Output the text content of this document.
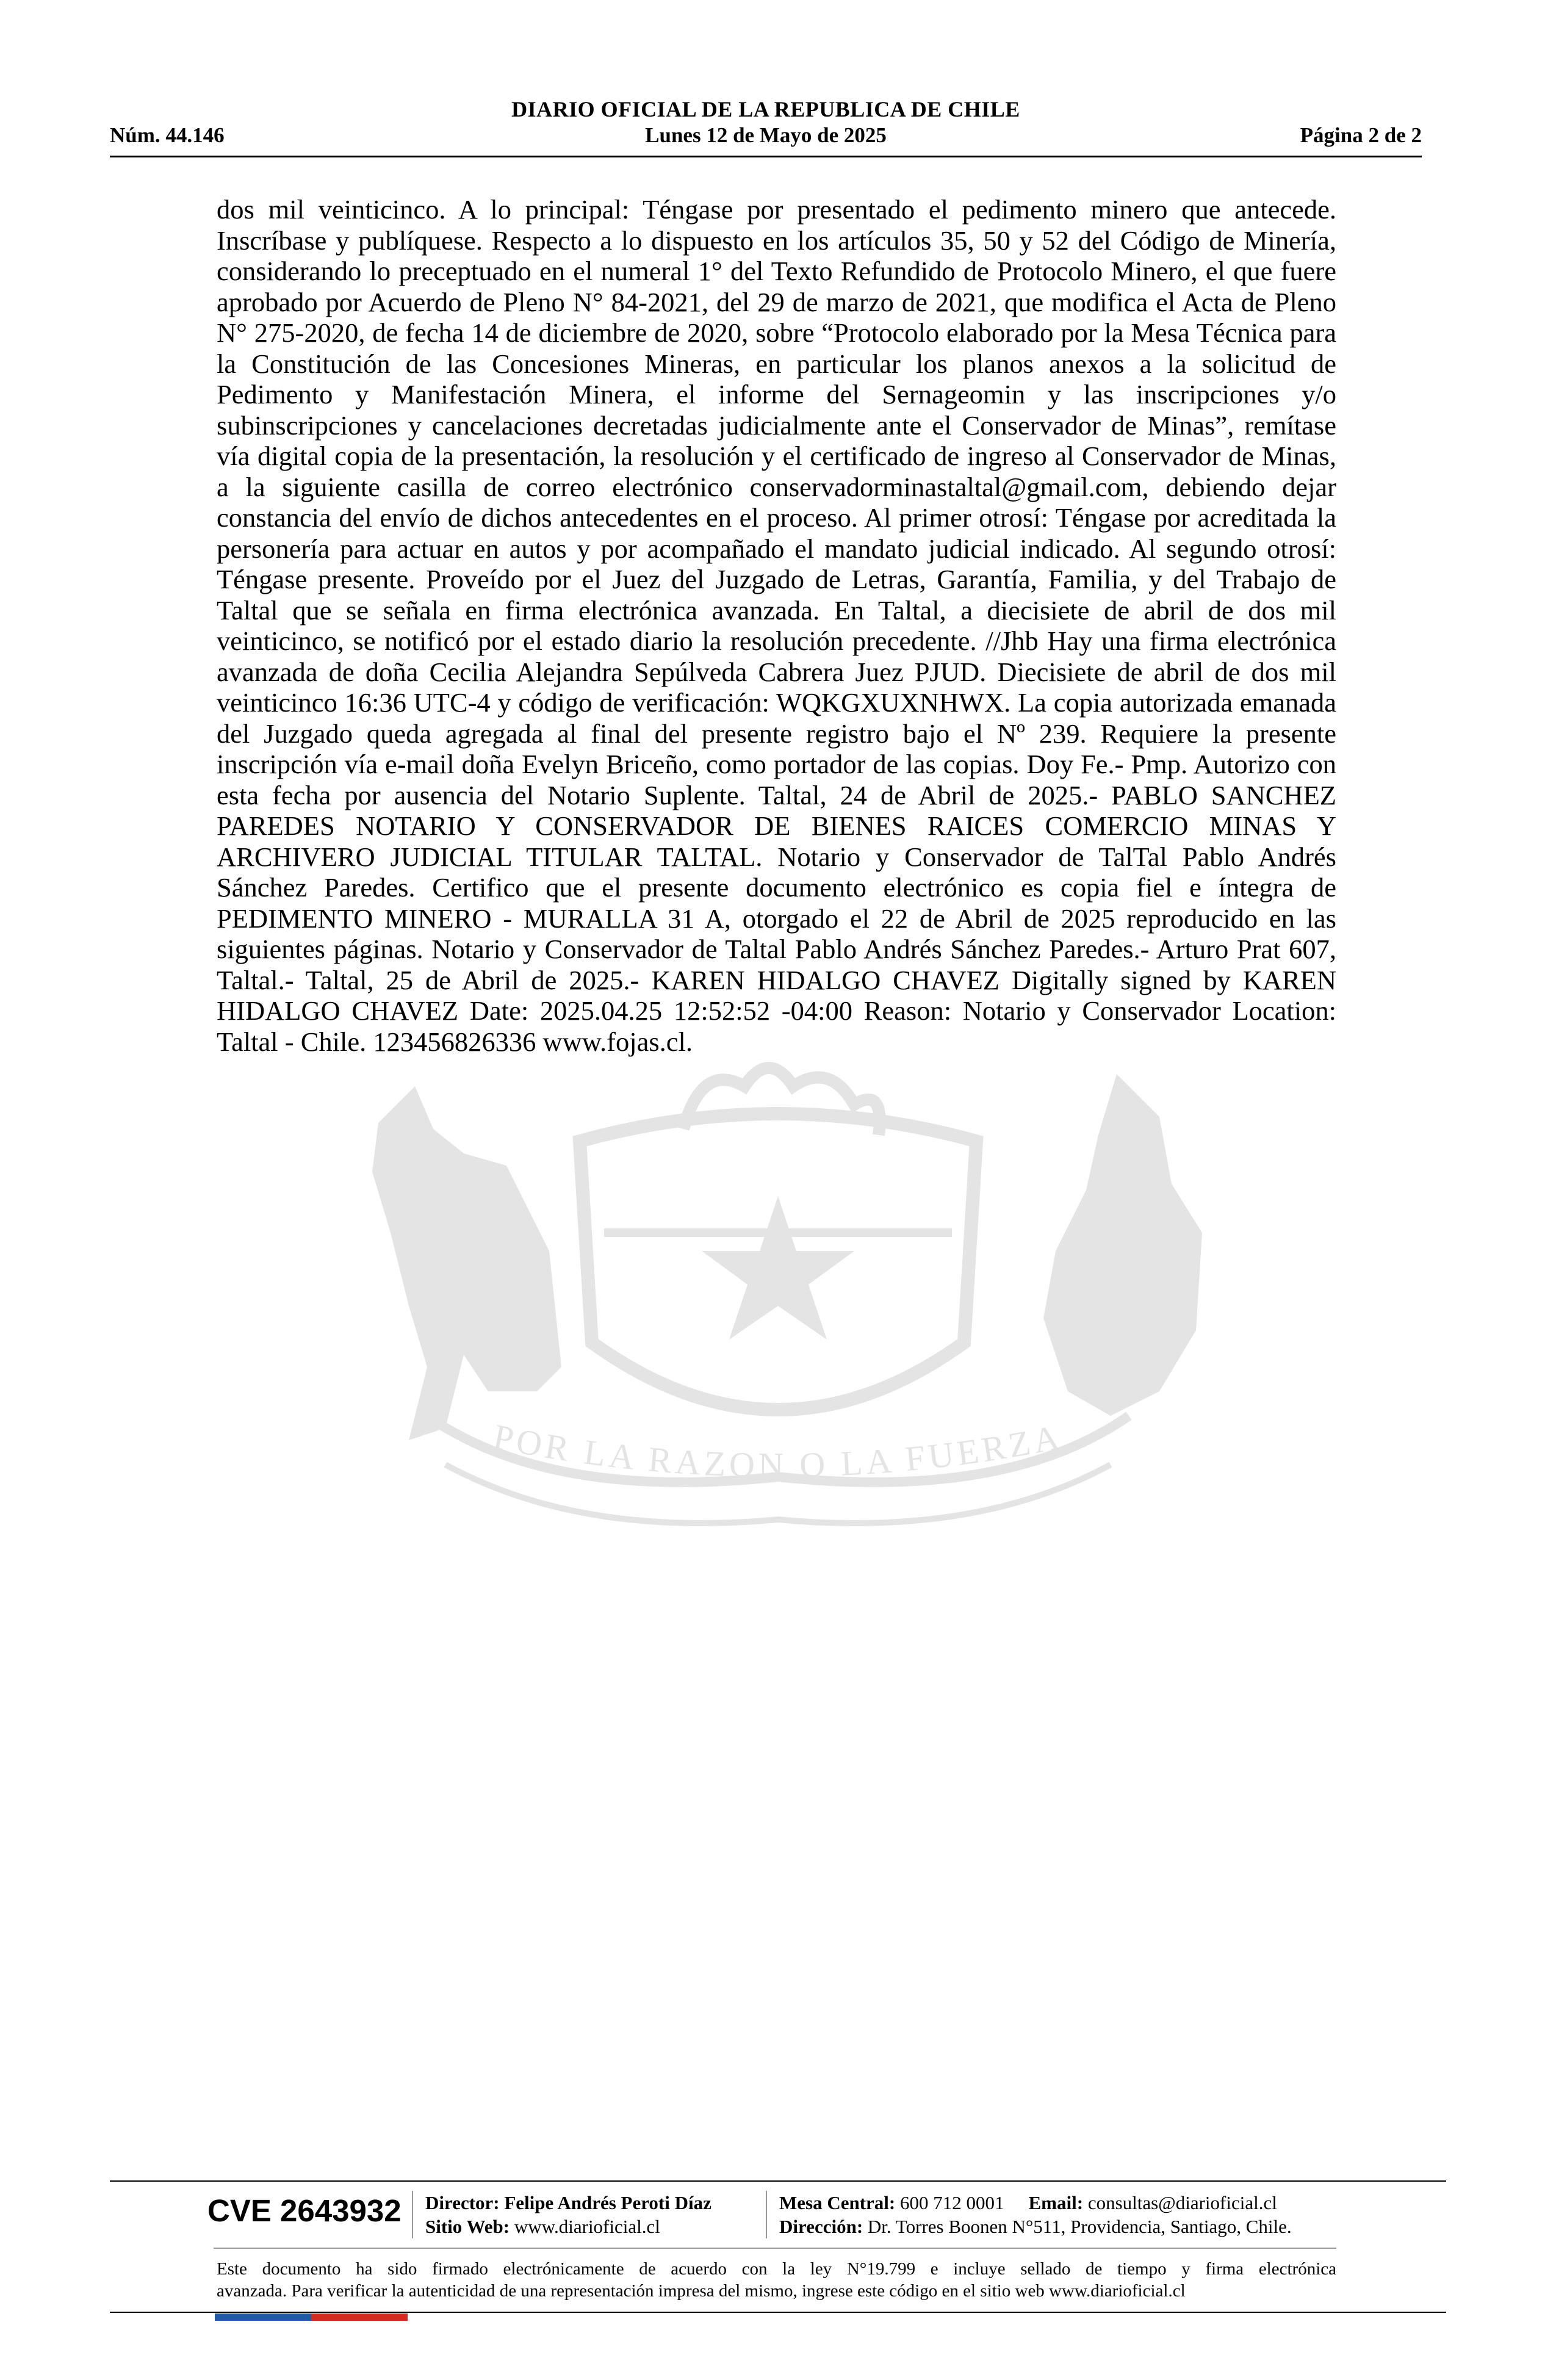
DIARIO OFICIAL DE LA REPUBLICA DE CHILE
Núm. 44.146	Lunes 12 de Mayo de 2025	Página 2 de 2
POR LA RAZON O LA FUERZA
dos mil veinticinco. A lo principal: Téngase por presentado el pedimento minero que antecede. Inscríbase y publíquese. Respecto a lo dispuesto en los artículos 35, 50 y 52 del Código de Minería, considerando lo preceptuado en el numeral 1° del Texto Refundido de Protocolo Minero, el que fuere aprobado por Acuerdo de Pleno N° 84-2021, del 29 de marzo de 2021, que modifica el Acta de Pleno N° 275-2020, de fecha 14 de diciembre de 2020, sobre “Protocolo elaborado por la Mesa Técnica para la Constitución de las Concesiones Mineras, en particular los planos anexos a la solicitud de Pedimento y Manifestación Minera, el informe del Sernageomin y las inscripciones y/o subinscripciones y cancelaciones decretadas judicialmente ante el Conservador de Minas”, remítase vía digital copia de la presentación, la resolución y el certificado de ingreso al Conservador de Minas, a la siguiente casilla de correo electrónico conservadorminastaltal@gmail.com, debiendo dejar constancia del envío de dichos antecedentes en el proceso. Al primer otrosí: Téngase por acreditada la personería para actuar en autos y por acompañado el mandato judicial indicado. Al segundo otrosí: Téngase presente. Proveído por el Juez del Juzgado de Letras, Garantía, Familia, y del Trabajo de Taltal que se señala en firma electrónica avanzada. En Taltal, a diecisiete de abril de dos mil veinticinco, se notificó por el estado diario la resolución precedente. //Jhb Hay una firma electrónica avanzada de doña Cecilia Alejandra Sepúlveda Cabrera Juez PJUD. Diecisiete de abril de dos mil veinticinco 16:36 UTC-4 y código de verificación: WQKGXUXNHWX. La copia autorizada emanada del Juzgado queda agregada al final del presente registro bajo el Nº 239. Requiere la presente inscripción vía e-mail doña Evelyn Briceño, como portador de las copias. Doy Fe.- Pmp. Autorizo con esta fecha por ausencia del Notario Suplente. Taltal, 24 de Abril de 2025.- PABLO SANCHEZ PAREDES NOTARIO Y CONSERVADOR DE BIENES RAICES COMERCIO MINAS Y ARCHIVERO JUDICIAL TITULAR TALTAL. Notario y Conservador de TalTal Pablo Andrés Sánchez Paredes. Certifico que el presente documento electrónico es copia fiel e íntegra de PEDIMENTO MINERO - MURALLA 31 A, otorgado el 22 de Abril de 2025 reproducido en las siguientes páginas. Notario y Conservador de Taltal Pablo Andrés Sánchez Paredes.- Arturo Prat 607, Taltal.- Taltal, 25 de Abril de 2025.- KAREN HIDALGO CHAVEZ Digitally signed by KAREN HIDALGO CHAVEZ Date: 2025.04.25 12:52:52 -04:00 Reason: Notario y Conservador Location: Taltal - Chile. 123456826336 www.fojas.cl.
CVE 2643932 Director: Felipe Andrés Peroti Díaz
Sitio Web: www.diarioficial.cl
Mesa Central: 600 712 0001 Email: consultas@diarioficial.cl
Dirección: Dr. Torres Boonen N°511, Providencia, Santiago, Chile.
Este documento ha sido firmado electrónicamente de acuerdo con la ley N°19.799 e incluye sellado de tiempo y firma electrónica
avanzada. Para verificar la autenticidad de una representación impresa del mismo, ingrese este código en el sitio web www.diarioficial.cl
